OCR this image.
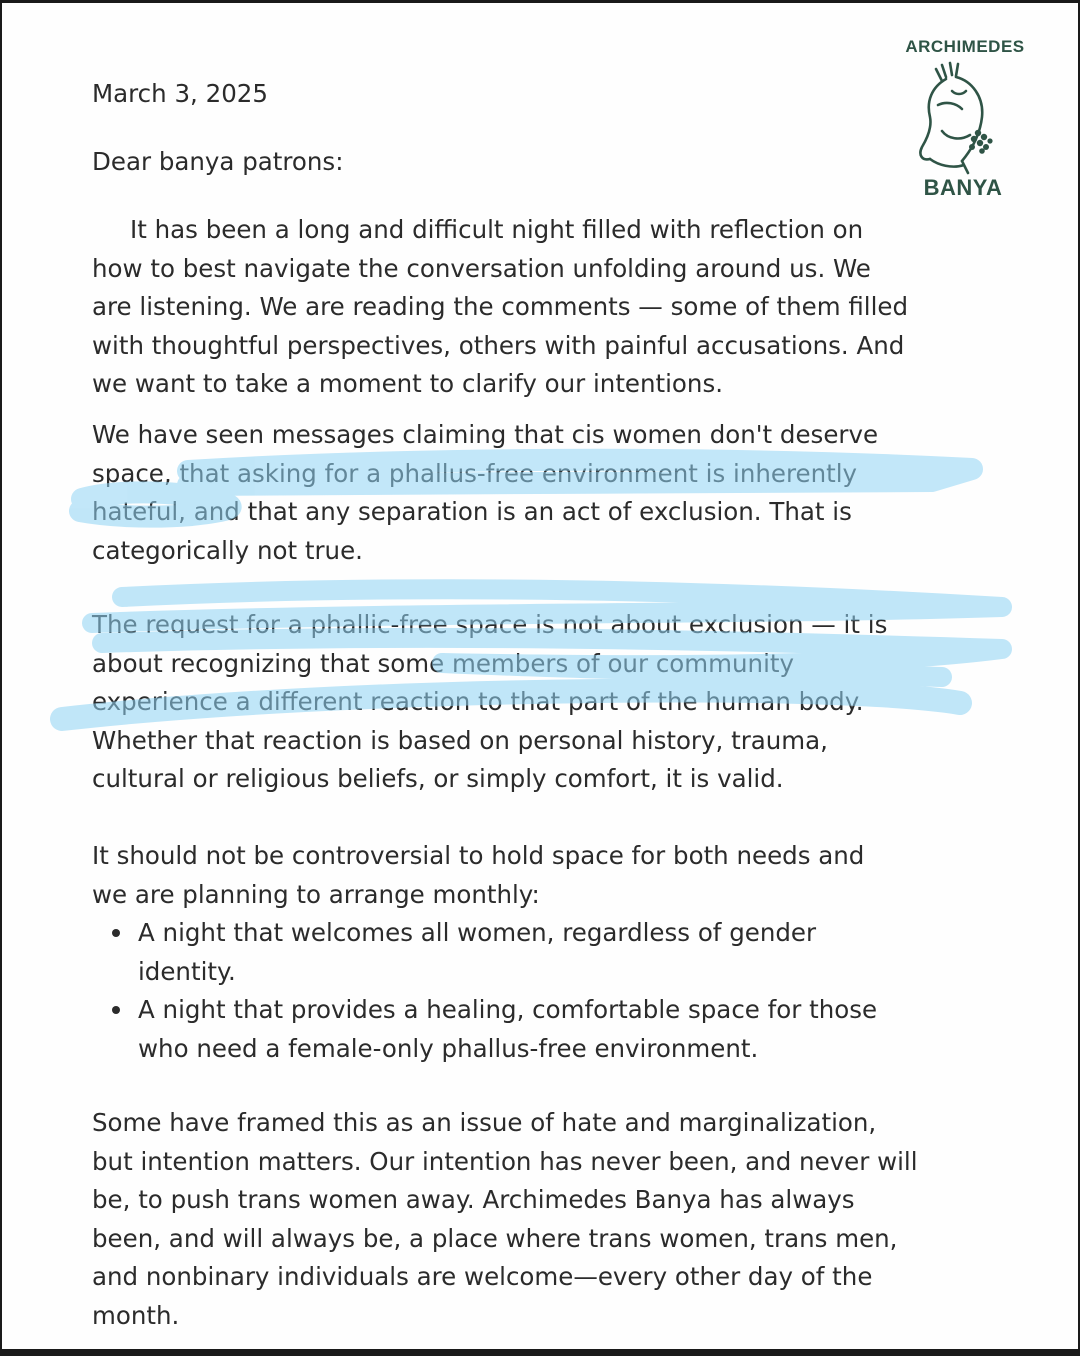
ARCHIMEDES
BANYA
March 3, 2025
Dear banya patrons:
It has been a long and difficult night filled with reflection on
how to best navigate the conversation unfolding around us. We
are listening. We are reading the comments — some of them filled
with thoughtful perspectives, others with painful accusations. And
we want to take a moment to clarify our intentions.
We have seen messages claiming that cis women don't deserve
space, that asking for a phallus-free environment is inherently
hateful, and that any separation is an act of exclusion. That is
categorically not true.
The request for a phallic-free space is not about exclusion — it is
about recognizing that some members of our community
experience a different reaction to that part of the human body.
Whether that reaction is based on personal history, trauma,
cultural or religious beliefs, or simply comfort, it is valid.
It should not be controversial to hold space for both needs and
we are planning to arrange monthly:
A night that welcomes all women, regardless of gender
identity.
A night that provides a healing, comfortable space for those
who need a female-only phallus-free environment.
Some have framed this as an issue of hate and marginalization,
but intention matters. Our intention has never been, and never will
be, to push trans women away. Archimedes Banya has always
been, and will always be, a place where trans women, trans men,
and nonbinary individuals are welcome—every other day of the
month.
